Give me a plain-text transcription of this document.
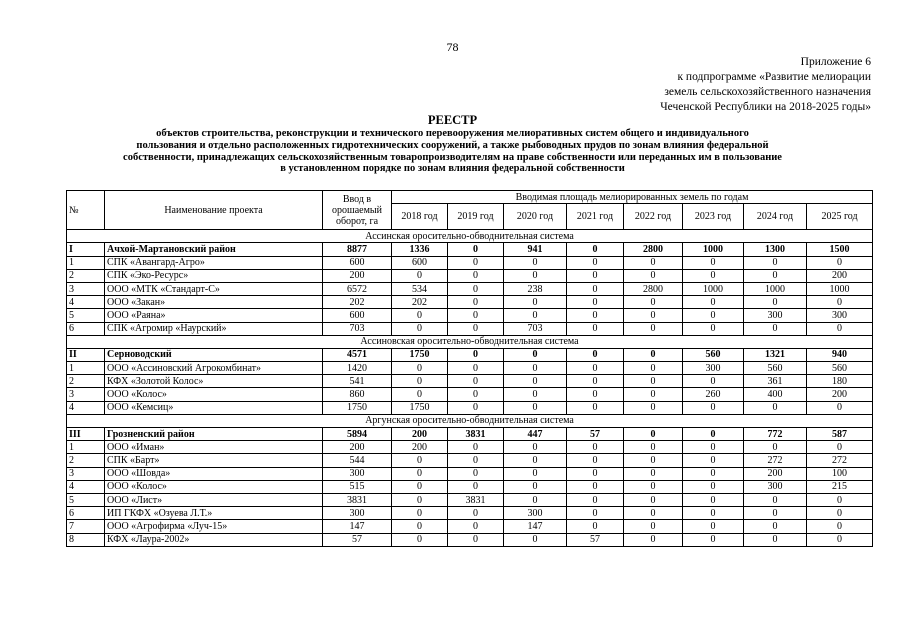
78
Приложение 6
к подпрограмме «Развитие мелиорации
земель сельскохозяйственного назначения
Чеченской Республики на 2018-2025 годы»
РЕЕСТР
объектов строительства, реконструкции и технического перевооружения мелиоративных систем общего и индивидуального
пользования и отдельно расположенных гидротехнических сооружений, а также рыбоводных прудов по зонам влияния федеральной
собственности, принадлежащих сельскохозяйственным товаропроизводителям на праве собственности или переданных им в пользование
в установленном порядке по зонам влияния федеральной собственности
№	Наименование проекта	Ввод в
орошаемый
оборот, га	Вводимая площадь мелиорированных земель по годам							
			2018 год	2019 год	2020 год	2021 год	2022 год	2023 год	2024 год	2025 год
Ассинская оросительно-обводнительная система										
I	Ачхой-Мартановский район	8877	1336	0	941	0	2800	1000	1300	1500
1	СПК «Авангард-Агро»	600	600	0	0	0	0	0	0	0
2	СПК «Эко-Ресурс»	200	0	0	0	0	0	0	0	200
3	ООО «МТК «Стандарт-С»	6572	534	0	238	0	2800	1000	1000	1000
4	ООО «Закан»	202	202	0	0	0	0	0	0	0
5	ООО «Раяна»	600	0	0	0	0	0	0	300	300
6	СПК «Агромир «Наурский»	703	0	0	703	0	0	0	0	0
Ассиновская оросительно-обводнительная система										
II	Серноводский	4571	1750	0	0	0	0	560	1321	940
1	ООО «Ассиновский Агрокомбинат»	1420	0	0	0	0	0	300	560	560
2	КФХ «Золотой Колос»	541	0	0	0	0	0	0	361	180
3	ООО «Колос»	860	0	0	0	0	0	260	400	200
4	ООО «Кемсиц»	1750	1750	0	0	0	0	0	0	0
Аргунская оросительно-обводнительная система										
III	Грозненский район	5894	200	3831	447	57	0	0	772	587
1	ООО «Иман»	200	200	0	0	0	0	0	0	0
2	СПК «Барт»	544	0	0	0	0	0	0	272	272
3	ООО «Шовда»	300	0	0	0	0	0	0	200	100
4	ООО «Колос»	515	0	0	0	0	0	0	300	215
5	ООО «Лист»	3831	0	3831	0	0	0	0	0	0
6	ИП ГКФХ «Озуева Л.Т.»	300	0	0	300	0	0	0	0	0
7	ООО «Агрофирма «Луч-15»	147	0	0	147	0	0	0	0	0
8	КФХ «Лаура-2002»	57	0	0	0	57	0	0	0	0
